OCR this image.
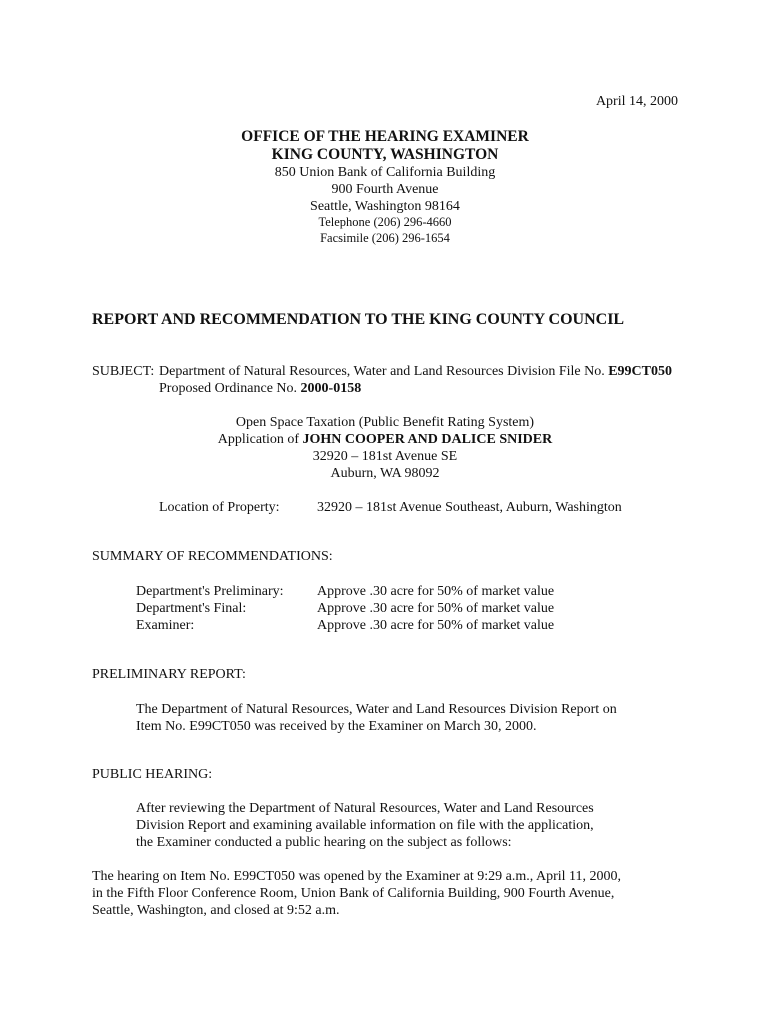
April 14, 2000
OFFICE OF THE HEARING EXAMINER
KING COUNTY, WASHINGTON
850 Union Bank of California Building
900 Fourth Avenue
Seattle, Washington 98164
Telephone (206) 296-4660
Facsimile (206) 296-1654
REPORT AND RECOMMENDATION TO THE KING COUNTY COUNCIL
SUBJECT: Department of Natural Resources, Water and Land Resources Division File No. E99CT050
Proposed Ordinance No. 2000-0158
Open Space Taxation (Public Benefit Rating System)
Application of JOHN COOPER AND DALICE SNIDER
32920 – 181st Avenue SE
Auburn, WA 98092
Location of Property:	32920 – 181st Avenue Southeast, Auburn, Washington
SUMMARY OF RECOMMENDATIONS:
Department's Preliminary: Approve .30 acre for 50% of market value
Department's Final:	Approve .30 acre for 50% of market value
Examiner:	Approve .30 acre for 50% of market value
PRELIMINARY REPORT:
The Department of Natural Resources, Water and Land Resources Division Report on
Item No. E99CT050 was received by the Examiner on March 30, 2000.
PUBLIC HEARING:
After reviewing the Department of Natural Resources, Water and Land Resources
Division Report and examining available information on file with the application,
the Examiner conducted a public hearing on the subject as follows:
The hearing on Item No. E99CT050 was opened by the Examiner at 9:29 a.m., April 11, 2000,
in the Fifth Floor Conference Room, Union Bank of California Building, 900 Fourth Avenue,
Seattle, Washington, and closed at 9:52 a.m.
